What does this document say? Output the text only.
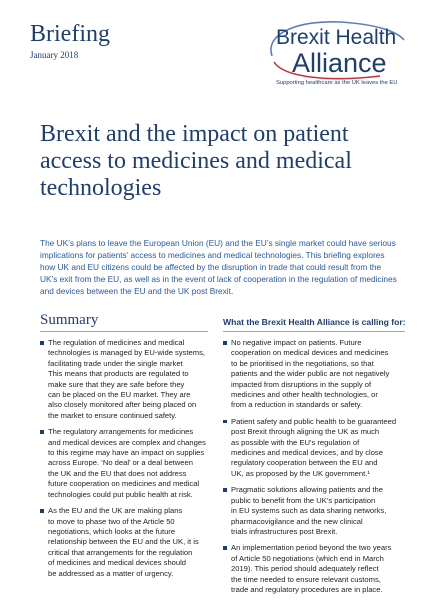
Briefing
January 2018
Brexit Health
Alliance
Supporting healthcare as the UK leaves the EU
Brexit and the impact on patient
access to medicines and medical
technologies
The UK’s plans to leave the European Union (EU) and the EU’s single market could have serious
implications for patients’ access to medicines and medical technologies. This briefing explores
how UK and EU citizens could be affected by the disruption in trade that could result from the
UK’s exit from the EU, as well as in the event of lack of cooperation in the regulation of medicines
and devices between the EU and the UK post Brexit.
Summary	What the Brexit Health Alliance is calling for:
The regulation of medicines and medical
technologies is managed by EU-wide systems,
facilitating trade under the single market
This means that products are regulated to
make sure that they are safe before they
can be placed on the EU market. They are
also closely monitored after being placed on
the market to ensure continued safety.
The regulatory arrangements for medicines
and medical devices are complex and changes
to this regime may have an impact on supplies
across Europe. ‘No deal’ or a deal between
the UK and the EU that does not address
future cooperation on medicines and medical
technologies could put public health at risk.
As the EU and the UK are making plans
to move to phase two of the Article 50
negotiations, which looks at the future
relationship between the EU and the UK, it is
critical that arrangements for the regulation
of medicines and medical devices should
be addressed as a matter of urgency.
No negative impact on patients. Future
cooperation on medical devices and medicines
to be prioritised in the negotiations, so that
patients and the wider public are not negatively
impacted from disruptions in the supply of
medicines and other health technologies, or
from a reduction in standards or safety.
Patient safety and public health to be guaranteed
post Brexit through aligning the UK as much
as possible with the EU’s regulation of
medicines and medical devices, and by close
regulatory cooperation between the EU and
UK, as proposed by the UK government.¹
Pragmatic solutions allowing patients and the
public to benefit from the UK’s participation
in EU systems such as data sharing networks,
pharmacovigilance and the new clinical
trials infrastructures post Brexit.
An implementation period beyond the two years
of Article 50 negotiations (which end in March
2019). This period should adequately reflect
the time needed to ensure relevant customs,
trade and regulatory procedures are in place.
